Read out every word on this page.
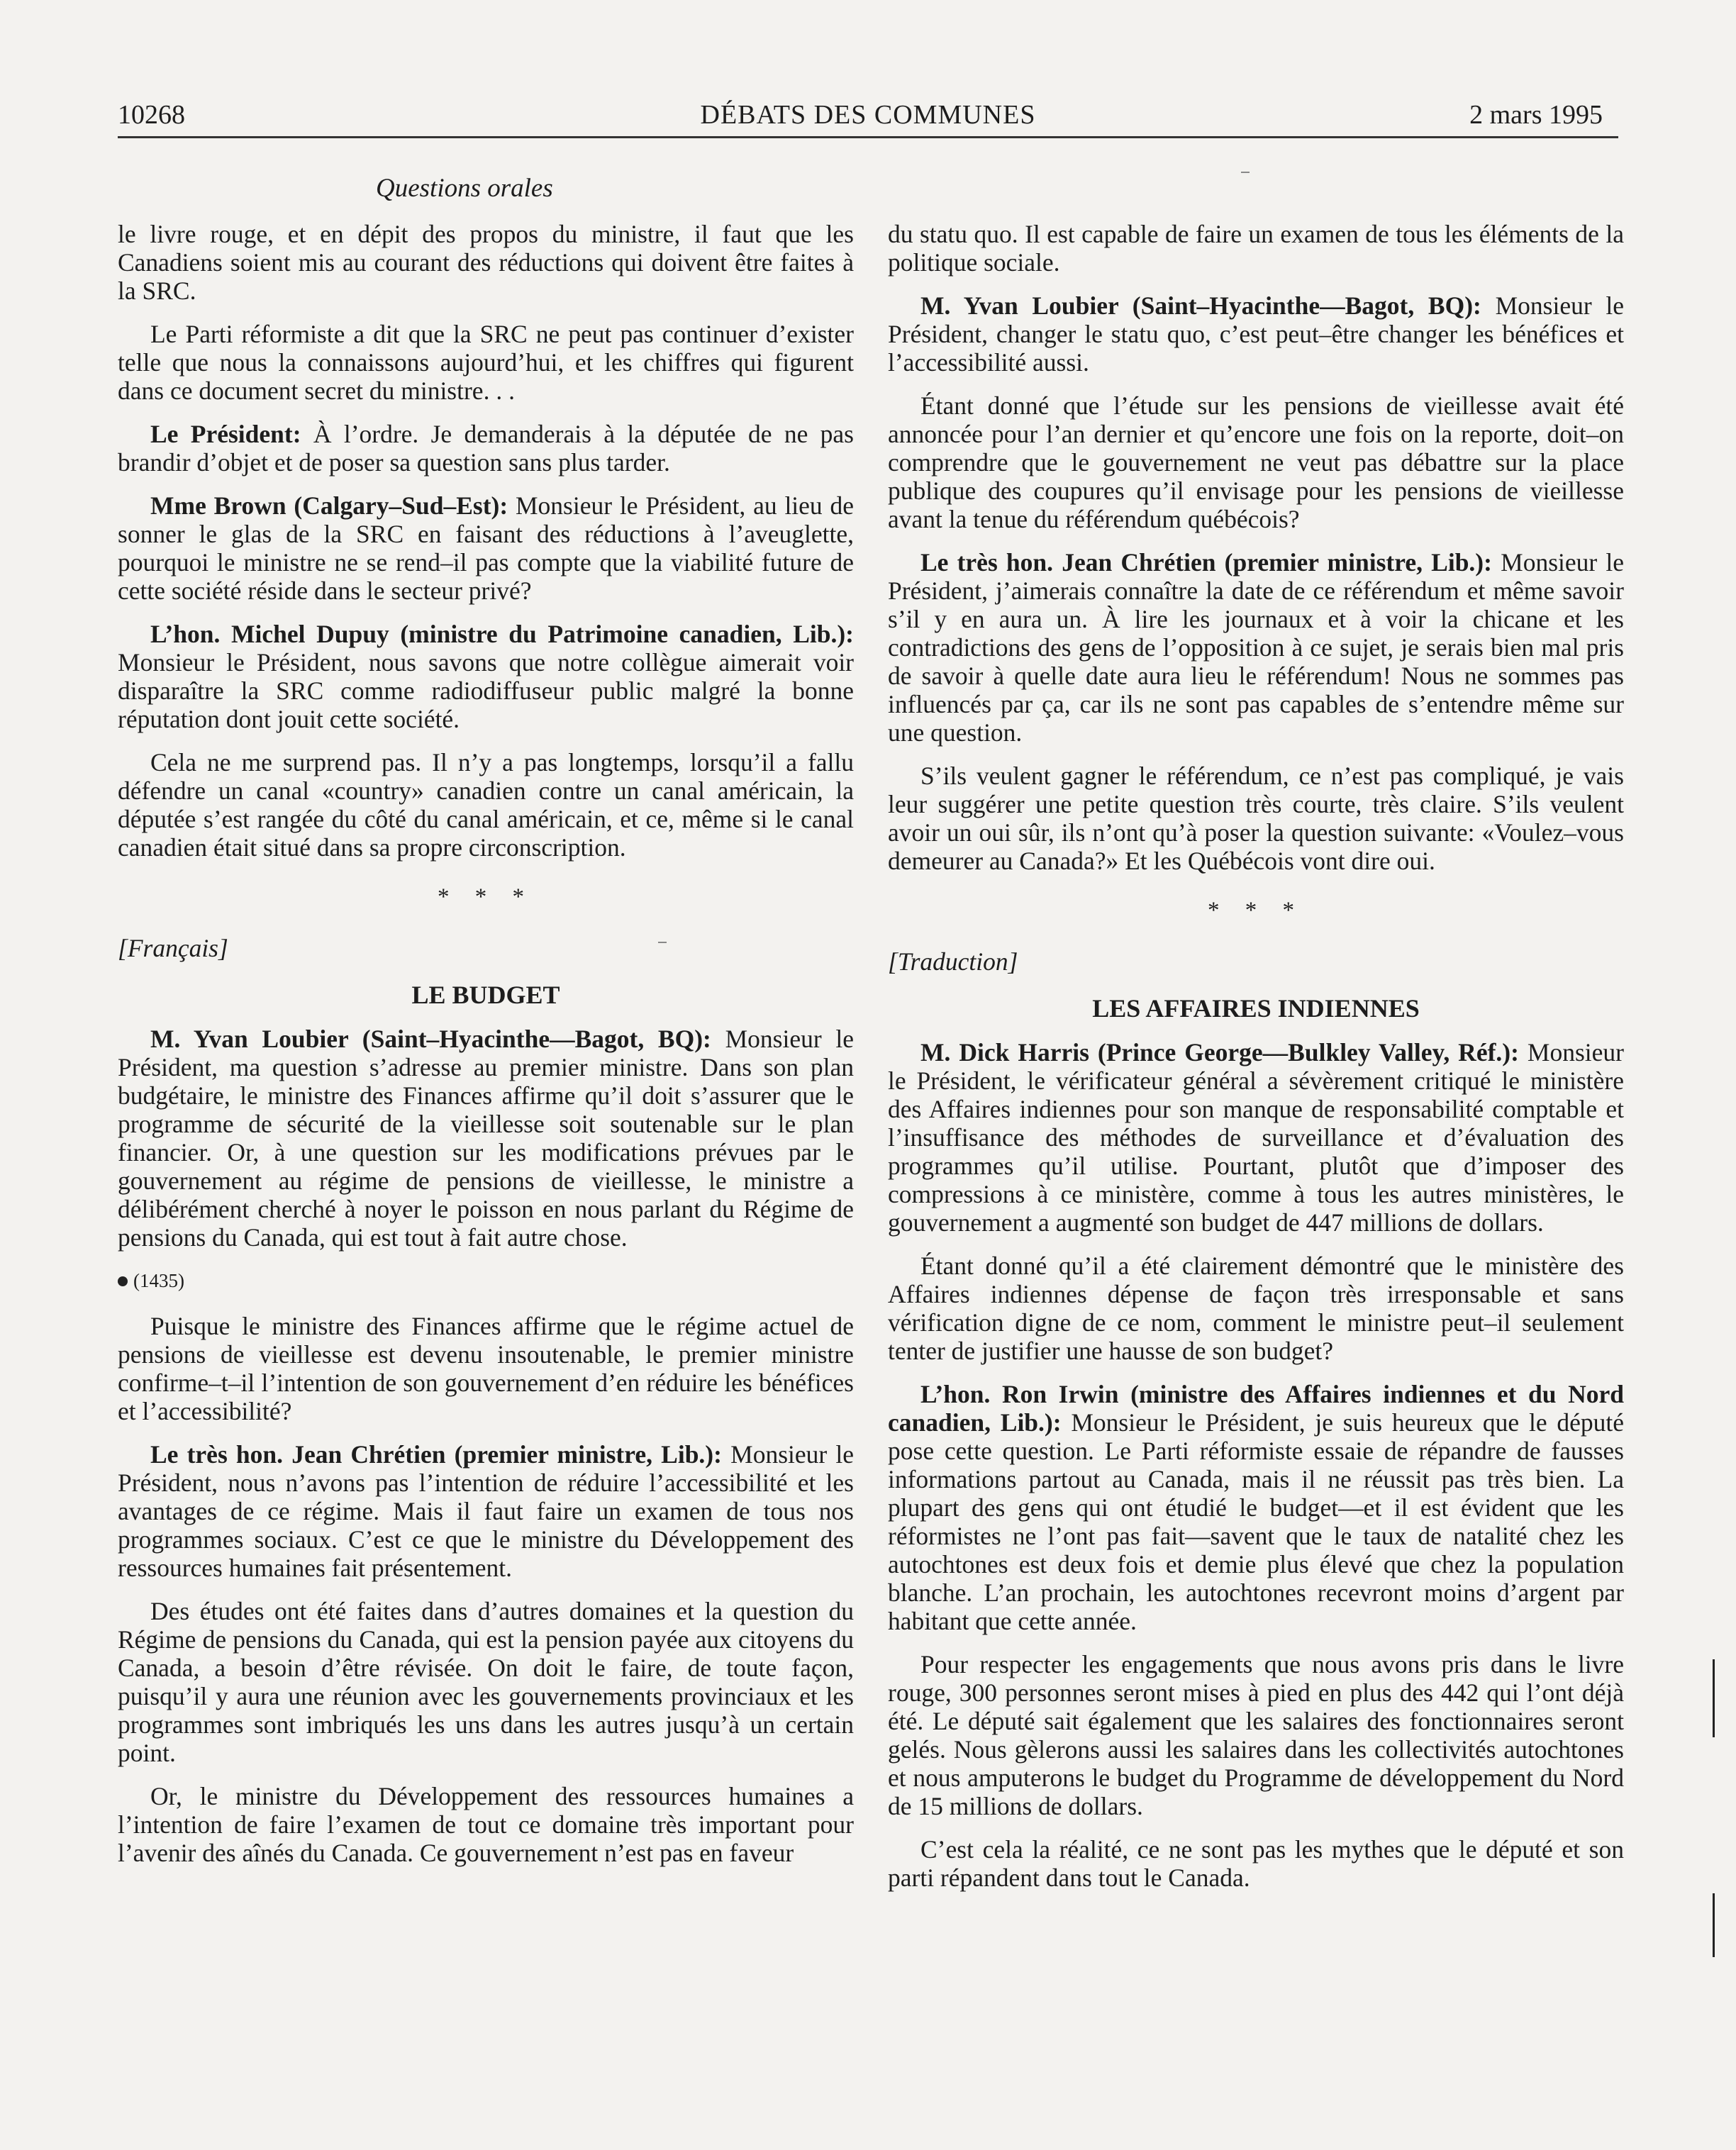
10268	DÉBATS DES COMMUNES	2 mars 1995
Questions orales

le livre rouge, et en dépit des propos du ministre, il faut que les Canadiens soient mis au courant des réductions qui doivent être faites à la SRC.

Le Parti réformiste a dit que la SRC ne peut pas continuer d’exister telle que nous la connaissons aujourd’hui, et les chiffres qui figurent dans ce document secret du ministre. . .

Le Président: À l’ordre. Je demanderais à la députée de ne pas brandir d’objet et de poser sa question sans plus tarder.

Mme Brown (Calgary–Sud–Est): Monsieur le Président, au lieu de sonner le glas de la SRC en faisant des réductions à l’aveuglette, pourquoi le ministre ne se rend–il pas compte que la viabilité future de cette société réside dans le secteur privé?

L’hon. Michel Dupuy (ministre du Patrimoine canadien, Lib.): Monsieur le Président, nous savons que notre collègue aimerait voir disparaître la SRC comme radiodiffuseur public malgré la bonne réputation dont jouit cette société.

Cela ne me surprend pas. Il n’y a pas longtemps, lorsqu’il a fallu défendre un canal «country» canadien contre un canal américain, la députée s’est rangée du côté du canal américain, et ce, même si le canal canadien était situé dans sa propre circonscription.

* * *
[Français]
LE BUDGET

M. Yvan Loubier (Saint–Hyacinthe—Bagot, BQ): Monsieur le Président, ma question s’adresse au premier ministre. Dans son plan budgétaire, le ministre des Finances affirme qu’il doit s’assurer que le programme de sécurité de la vieillesse soit soutenable sur le plan financier. Or, à une question sur les modifications prévues par le gouvernement au régime de pensions de vieillesse, le ministre a délibérément cherché à noyer le poisson en nous parlant du Régime de pensions du Canada, qui est tout à fait autre chose.

(1435)

Puisque le ministre des Finances affirme que le régime actuel de pensions de vieillesse est devenu insoutenable, le premier ministre confirme–t–il l’intention de son gouvernement d’en réduire les bénéfices et l’accessibilité?

Le très hon. Jean Chrétien (premier ministre, Lib.): Monsieur le Président, nous n’avons pas l’intention de réduire l’accessibilité et les avantages de ce régime. Mais il faut faire un examen de tous nos programmes sociaux. C’est ce que le ministre du Développement des ressources humaines fait présentement.

Des études ont été faites dans d’autres domaines et la question du Régime de pensions du Canada, qui est la pension payée aux citoyens du Canada, a besoin d’être révisée. On doit le faire, de toute façon, puisqu’il y aura une réunion avec les gouvernements provinciaux et les programmes sont imbriqués les uns dans les autres jusqu’à un certain point.

Or, le ministre du Développement des ressources humaines a l’intention de faire l’examen de tout ce domaine très important pour l’avenir des aînés du Canada. Ce gouvernement n’est pas en faveur

du statu quo. Il est capable de faire un examen de tous les éléments de la politique sociale.

M. Yvan Loubier (Saint–Hyacinthe—Bagot, BQ): Monsieur le Président, changer le statu quo, c’est peut–être changer les bénéfices et l’accessibilité aussi.

Étant donné que l’étude sur les pensions de vieillesse avait été annoncée pour l’an dernier et qu’encore une fois on la reporte, doit–on comprendre que le gouvernement ne veut pas débattre sur la place publique des coupures qu’il envisage pour les pensions de vieillesse avant la tenue du référendum québécois?

Le très hon. Jean Chrétien (premier ministre, Lib.): Monsieur le Président, j’aimerais connaître la date de ce référendum et même savoir s’il y en aura un. À lire les journaux et à voir la chicane et les contradictions des gens de l’opposition à ce sujet, je serais bien mal pris de savoir à quelle date aura lieu le référendum! Nous ne sommes pas influencés par ça, car ils ne sont pas capables de s’entendre même sur une question.

S’ils veulent gagner le référendum, ce n’est pas compliqué, je vais leur suggérer une petite question très courte, très claire. S’ils veulent avoir un oui sûr, ils n’ont qu’à poser la question suivante: «Voulez–vous demeurer au Canada?» Et les Québécois vont dire oui.

* * *
[Traduction]
LES AFFAIRES INDIENNES

M. Dick Harris (Prince George—Bulkley Valley, Réf.): Monsieur le Président, le vérificateur général a sévèrement critiqué le ministère des Affaires indiennes pour son manque de responsabilité comptable et l’insuffisance des méthodes de surveillance et d’évaluation des programmes qu’il utilise. Pourtant, plutôt que d’imposer des compressions à ce ministère, comme à tous les autres ministères, le gouvernement a augmenté son budget de 447 millions de dollars.

Étant donné qu’il a été clairement démontré que le ministère des Affaires indiennes dépense de façon très irresponsable et sans vérification digne de ce nom, comment le ministre peut–il seulement tenter de justifier une hausse de son budget?

L’hon. Ron Irwin (ministre des Affaires indiennes et du Nord canadien, Lib.): Monsieur le Président, je suis heureux que le député pose cette question. Le Parti réformiste essaie de répandre de fausses informations partout au Canada, mais il ne réussit pas très bien. La plupart des gens qui ont étudié le budget—et il est évident que les réformistes ne l’ont pas fait—savent que le taux de natalité chez les autochtones est deux fois et demie plus élevé que chez la population blanche. L’an prochain, les autochtones recevront moins d’argent par habitant que cette année.

Pour respecter les engagements que nous avons pris dans le livre rouge, 300 personnes seront mises à pied en plus des 442 qui l’ont déjà été. Le député sait également que les salaires des fonctionnaires seront gelés. Nous gèlerons aussi les salaires dans les collectivités autochtones et nous amputerons le budget du Programme de développement du Nord de 15 millions de dollars.

C’est cela la réalité, ce ne sont pas les mythes que le député et son parti répandent dans tout le Canada.
